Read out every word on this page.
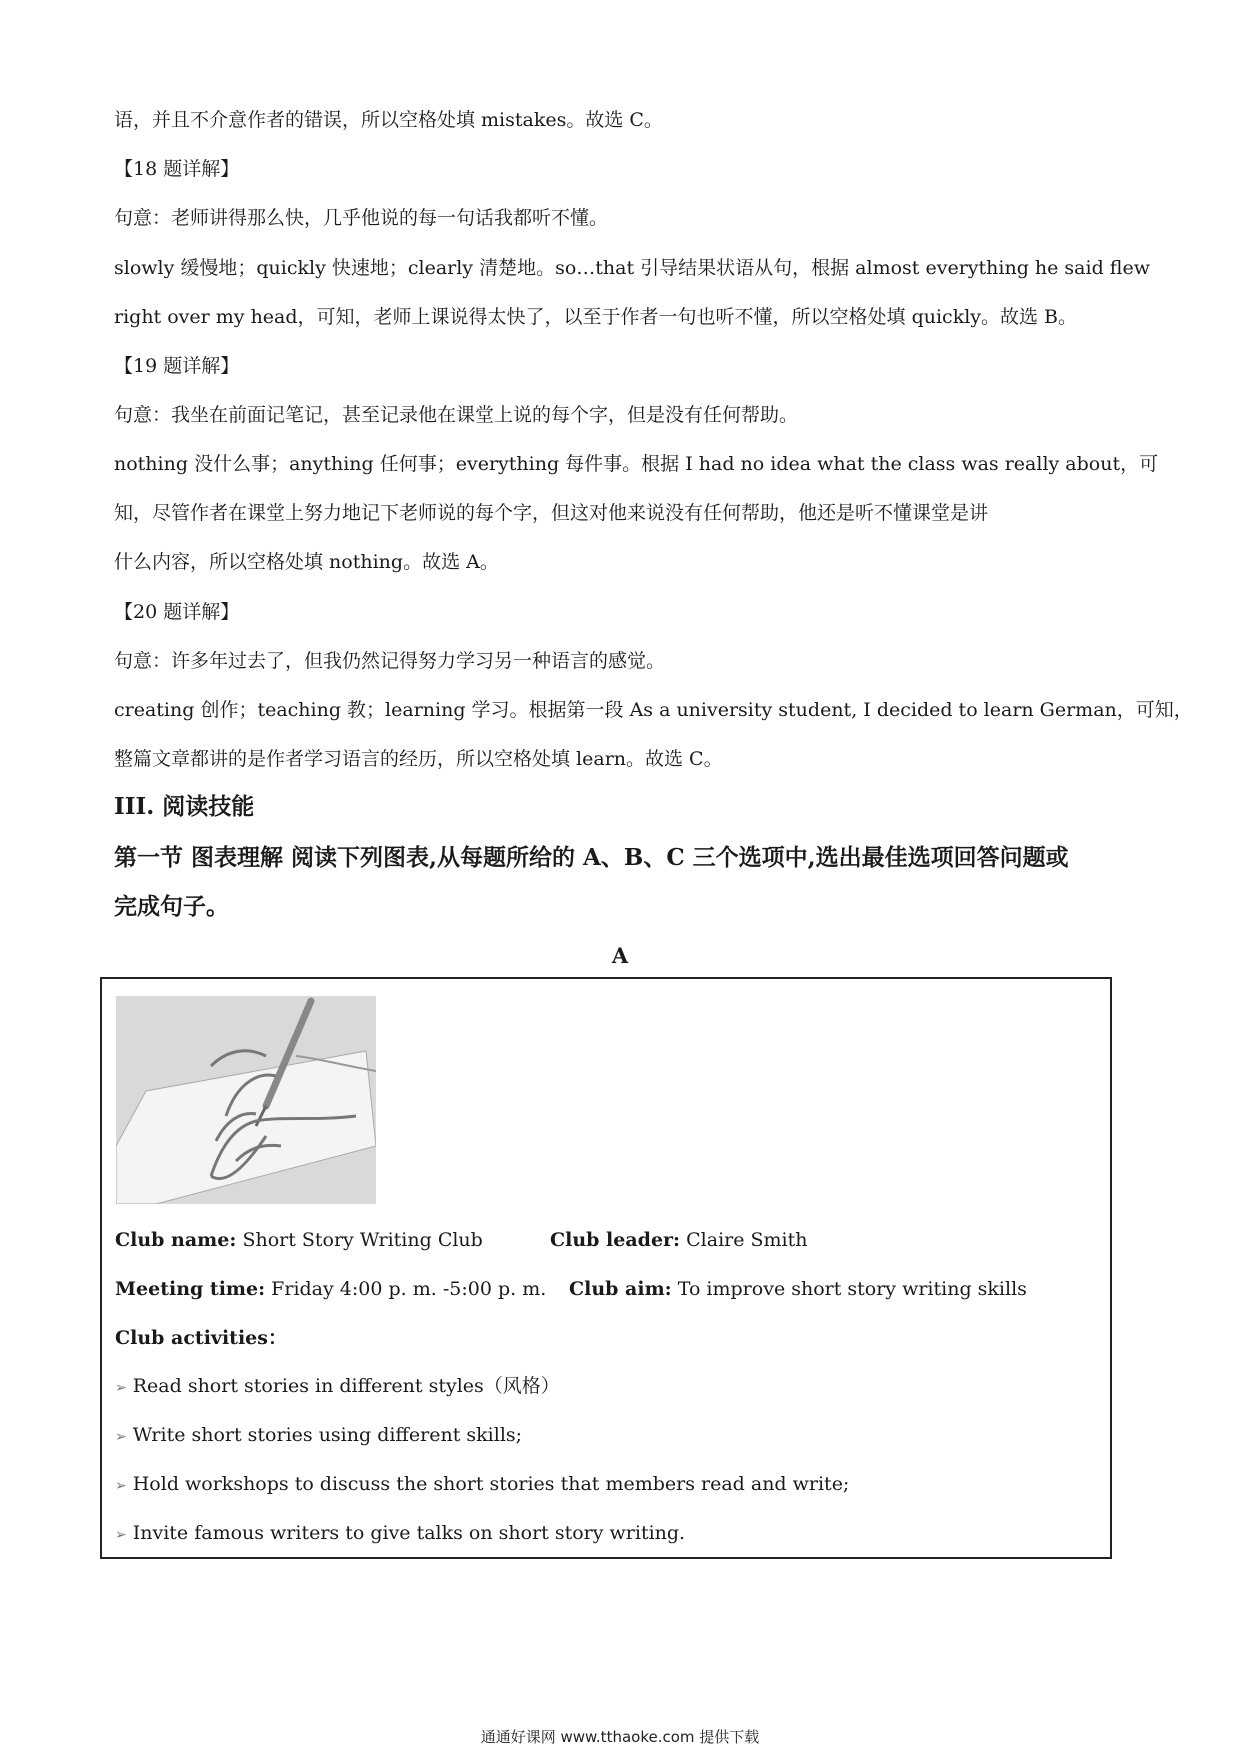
语，并且不介意作者的错误，所以空格处填 mistakes。故选 C。
【18 题详解】
句意：老师讲得那么快，几乎他说的每一句话我都听不懂。
slowly 缓慢地；quickly 快速地；clearly 清楚地。so…that 引导结果状语从句，根据 almost everything he said flew
right over my head，可知，老师上课说得太快了，以至于作者一句也听不懂，所以空格处填 quickly。故选 B。
【19 题详解】
句意：我坐在前面记笔记，甚至记录他在课堂上说的每个字，但是没有任何帮助。
nothing 没什么事；anything 任何事；everything 每件事。根据 I had no idea what the class was really about，可
知，尽管作者在课堂上努力地记下老师说的每个字，但这对他来说没有任何帮助，他还是听不懂课堂是讲
什么内容，所以空格处填 nothing。故选 A。
【20 题详解】
句意：许多年过去了，但我仍然记得努力学习另一种语言的感觉。
creating 创作；teaching 教；learning 学习。根据第一段 As a university student, I decided to learn German，可知，
整篇文章都讲的是作者学习语言的经历，所以空格处填 learn。故选 C。
III. 阅读技能
第一节 图表理解 阅读下列图表,从每题所给的 A、B、C 三个选项中,选出最佳选项回答问题或
完成句子。
A
Club name: Short Story Writing Club	Club leader: Claire Smith
Meeting time: Friday 4:00 p. m. -5:00 p. m. Club aim: To improve short story writing skills
Club activities：
➢ Read short stories in different styles（风格）
➢ Write short stories using different skills;
➢ Hold workshops to discuss the short stories that members read and write;
➢ Invite famous writers to give talks on short story writing.
通通好课网 www.tthaoke.com 提供下载
